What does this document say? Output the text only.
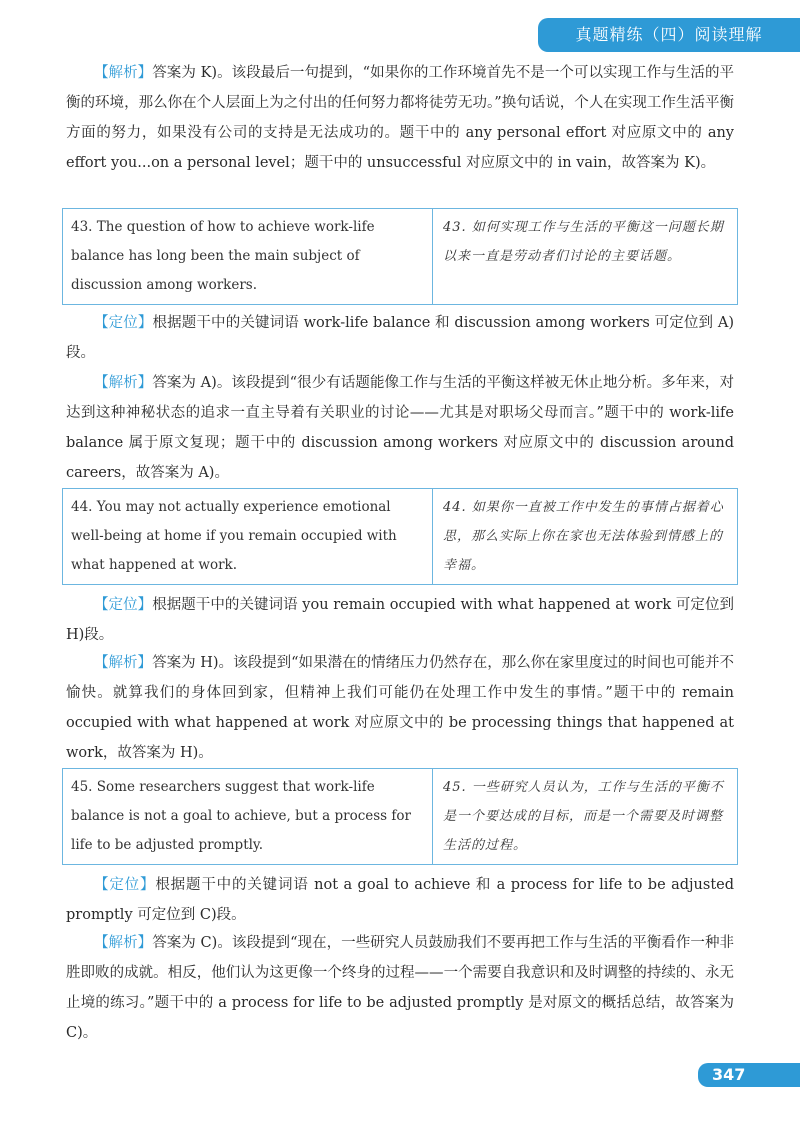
真题精练（四）阅读理解

【解析】答案为 K)。该段最后一句提到，“如果你的工作环境首先不是一个可以实现工作与生活的平衡的环境，那么你在个人层面上为之付出的任何努力都将徒劳无功。”换句话说，个人在实现工作生活平衡方面的努力，如果没有公司的支持是无法成功的。题干中的 any personal effort 对应原文中的 any effort you...on a personal level；题干中的 unsuccessful 对应原文中的 in vain，故答案为 K)。

43. The question of how to achieve work-life balance has long been the main subject of discussion among workers.
43. 如何实现工作与生活的平衡这一问题长期以来一直是劳动者们讨论的主要话题。

【定位】根据题干中的关键词语 work-life balance 和 discussion among workers 可定位到 A) 段。

【解析】答案为 A)。该段提到“很少有话题能像工作与生活的平衡这样被无休止地分析。多年来，对达到这种神秘状态的追求一直主导着有关职业的讨论——尤其是对职场父母而言。”题干中的 work-life balance 属于原文复现；题干中的 discussion among workers 对应原文中的 discussion around careers，故答案为 A)。

44. You may not actually experience emotional well-being at home if you remain occupied with what happened at work.
44. 如果你一直被工作中发生的事情占据着心思，那么实际上你在家也无法体验到情感上的幸福。

【定位】根据题干中的关键词语 you remain occupied with what happened at work 可定位到 H)段。

【解析】答案为 H)。该段提到“如果潜在的情绪压力仍然存在，那么你在家里度过的时间也可能并不愉快。就算我们的身体回到家，但精神上我们可能仍在处理工作中发生的事情。”题干中的 remain occupied with what happened at work 对应原文中的 be processing things that happened at work，故答案为 H)。

45. Some researchers suggest that work-life balance is not a goal to achieve, but a process for life to be adjusted promptly.
45. 一些研究人员认为，工作与生活的平衡不是一个要达成的目标，而是一个需要及时调整生活的过程。

【定位】根据题干中的关键词语 not a goal to achieve 和 a process for life to be adjusted promptly 可定位到 C)段。

【解析】答案为 C)。该段提到“现在，一些研究人员鼓励我们不要再把工作与生活的平衡看作一种非胜即败的成就。相反，他们认为这更像一个终身的过程——一个需要自我意识和及时调整的持续的、永无止境的练习。”题干中的 a process for life to be adjusted promptly 是对原文的概括总结，故答案为 C)。

347
